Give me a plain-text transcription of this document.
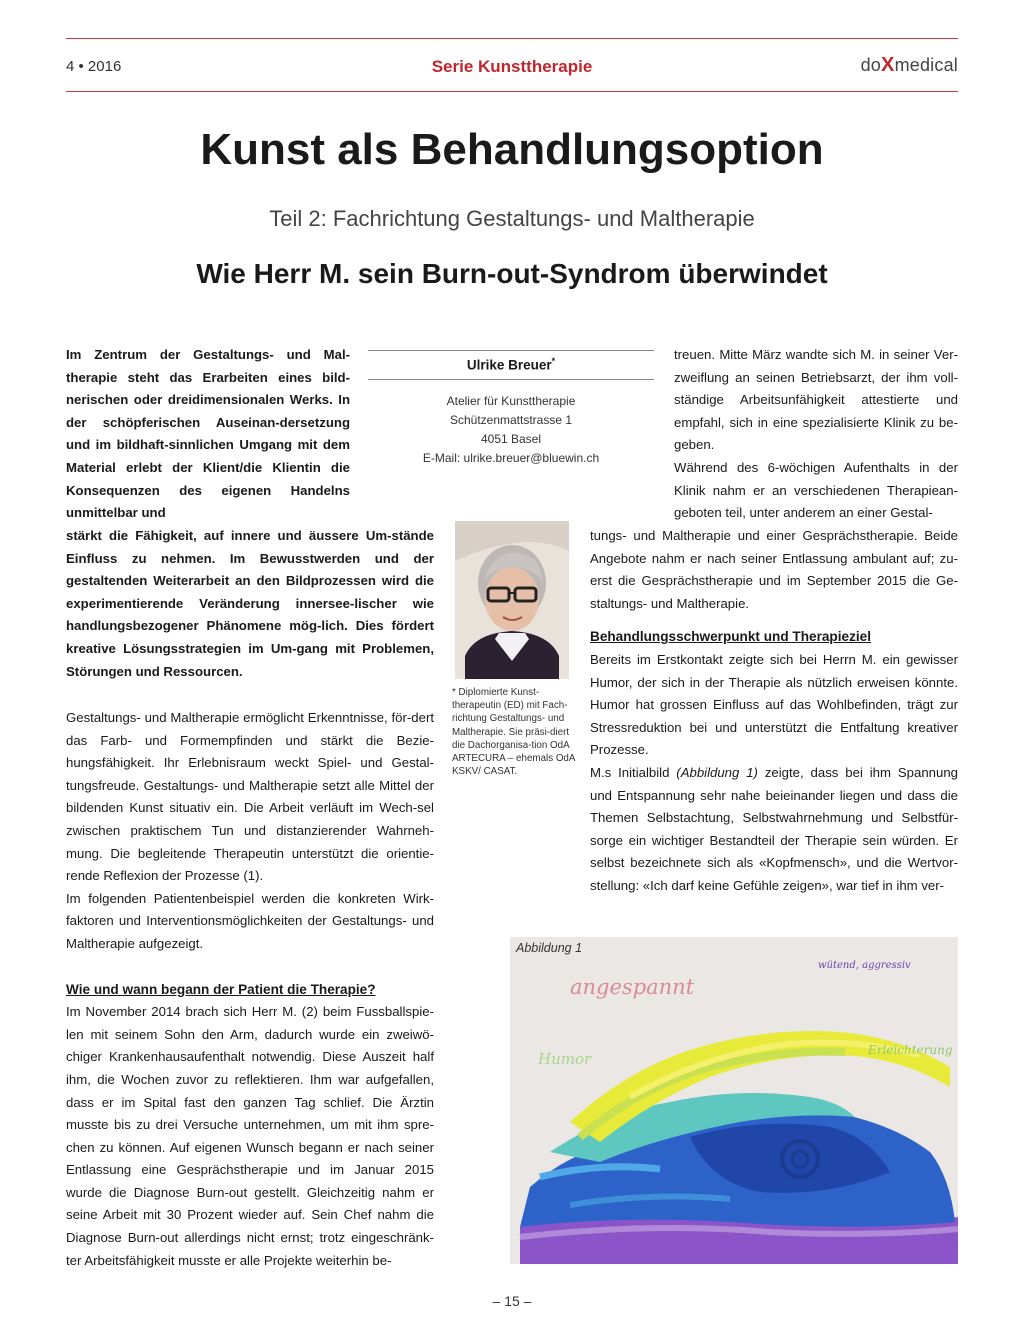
4 • 2016	Serie Kunsttherapie	doXmedical
Kunst als Behandlungsoption
Teil 2: Fachrichtung Gestaltungs- und Maltherapie
Wie Herr M. sein Burn-out-Syndrom überwindet

Im Zentrum der Gestaltungs- und Mal-therapie steht das Erarbeiten eines bild-nerischen oder dreidimensionalen Werks. In der schöpferischen Auseinan-dersetzung und im bildhaft-sinnlichen Umgang mit dem Material erlebt der Klient/die Klientin die Konsequenzen des eigenen Handelns unmittelbar und

stärkt die Fähigkeit, auf innere und äussere Um-stände Einfluss zu nehmen. Im Bewusstwerden und der gestaltenden Weiterarbeit an den Bildprozessen wird die experimentierende Veränderung innersee-lischer wie handlungsbezogener Phänomene mög-lich. Dies fördert kreative Lösungsstrategien im Um-gang mit Problemen, Störungen und Ressourcen.

Gestaltungs- und Maltherapie ermöglicht Erkenntnisse, för-dert das Farb- und Formempfinden und stärkt die Bezie-hungsfähigkeit. Ihr Erlebnisraum weckt Spiel- und Gestal-tungsfreude. Gestaltungs- und Maltherapie setzt alle Mittel der bildenden Kunst situativ ein. Die Arbeit verläuft im Wech-sel zwischen praktischem Tun und distanzierender Wahrneh-mung. Die begleitende Therapeutin unterstützt die orientie-rende Reflexion der Prozesse (1).

Im folgenden Patientenbeispiel werden die konkreten Wirk-faktoren und Interventionsmöglichkeiten der Gestaltungs- und Maltherapie aufgezeigt.

Wie und wann begann der Patient die Therapie?

Im November 2014 brach sich Herr M. (2) beim Fussballspie-len mit seinem Sohn den Arm, dadurch wurde ein zweiwö-chiger Krankenhausaufenthalt notwendig. Diese Auszeit half ihm, die Wochen zuvor zu reflektieren. Ihm war aufgefallen, dass er im Spital fast den ganzen Tag schlief. Die Ärztin musste bis zu drei Versuche unternehmen, um mit ihm spre-chen zu können. Auf eigenen Wunsch begann er nach seiner Entlassung eine Gesprächstherapie und im Januar 2015 wurde die Diagnose Burn-out gestellt. Gleichzeitig nahm er seine Arbeit mit 30 Prozent wieder auf. Sein Chef nahm die Diagnose Burn-out allerdings nicht ernst; trotz eingeschränk-ter Arbeitsfähigkeit musste er alle Projekte weiterhin be-

Ulrike Breuer*
Atelier für Kunsttherapie
Schützenmattstrasse 1
4051 Basel
E-Mail: ulrike.breuer@bluewin.ch
* Diplomierte Kunst-therapeutin (ED) mit Fach-richtung Gestaltungs- und Maltherapie. Sie präsi-diert die Dachorganisa-tion OdA ARTECURA – ehemals OdA KSKV/ CASAT.

treuen. Mitte März wandte sich M. in seiner Ver-zweiflung an seinen Betriebsarzt, der ihm voll-ständige Arbeitsunfähigkeit attestierte und empfahl, sich in eine spezialisierte Klinik zu be-geben.

Während des 6-wöchigen Aufenthalts in der Klinik nahm er an verschiedenen Therapiean-geboten teil, unter anderem an einer Gestal-

tungs- und Maltherapie und einer Gesprächstherapie. Beide Angebote nahm er nach seiner Entlassung ambulant auf; zu-erst die Gesprächstherapie und im September 2015 die Ge-staltungs- und Maltherapie.

Behandlungsschwerpunkt und Therapieziel

Bereits im Erstkontakt zeigte sich bei Herrn M. ein gewisser Humor, der sich in der Therapie als nützlich erweisen könnte. Humor hat grossen Einfluss auf das Wohlbefinden, trägt zur Stressreduktion bei und unterstützt die Entfaltung kreativer Prozesse.

M.s Initialbild (Abbildung 1) zeigte, dass bei ihm Spannung und Entspannung sehr nahe beieinander liegen und dass die Themen Selbstachtung, Selbstwahrnehmung und Selbstfür-sorge ein wichtiger Bestandteil der Therapie sein würden. Er selbst bezeichnete sich als «Kopfmensch», und die Wertvor-stellung: «Ich darf keine Gefühle zeigen», war tief in ihm ver-

Abbildung 1
angespannt
wütend, aggressiv
Erleichterung
Humor
– 15 –
